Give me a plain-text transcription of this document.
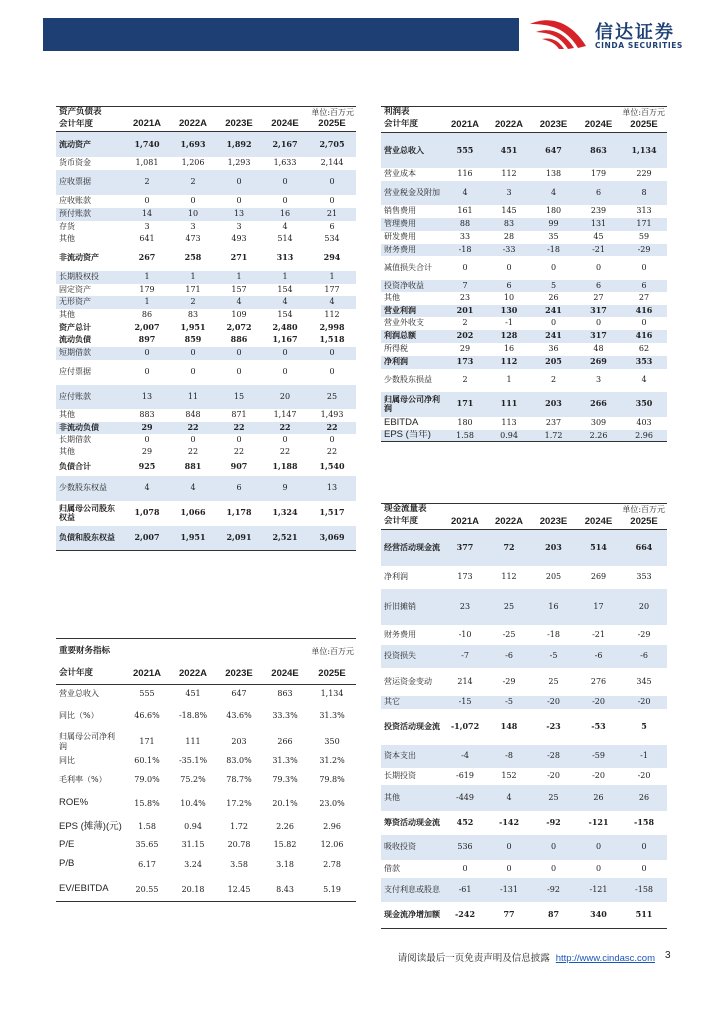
信达证券
CINDA SECURITIES
资产负债表		单位:百万元			
会计年度	2021A	2022A	2023E	2024E	2025E
流动资产	1,740	1,693	1,892	2,167	2,705
货币资金	1,081	1,206	1,293	1,633	2,144
应收票据	2	2	0	0	0
应收账款	0	0	0	0	0
预付账款	14	10	13	16	21
存货	3	3	3	4	6
其他	641	473	493	514	534
非流动资产	267	258	271	313	294
长期股权投	1	1	1	1	1
固定资产	179	171	157	154	177
无形资产	1	2	4	4	4
其他	86	83	109	154	112
资产总计	2,007	1,951	2,072	2,480	2,998
流动负债	897	859	886	1,167	1,518
短期借款	0	0	0	0	0
应付票据	0	0	0	0	0
应付账款	13	11	15	20	25
其他	883	848	871	1,147	1,493
非流动负债	29	22	22	22	22
长期借款	0	0	0	0	0
其他	29	22	22	22	22
负债合计	925	881	907	1,188	1,540
少数股东权益	4	4	6	9	13
归属母公司股东权益	1,078	1,066	1,178	1,324	1,517
负债和股东权益	2,007	1,951	2,091	2,521	3,069
重要财务指标					单位:百万元
会计年度	2021A	2022A	2023E	2024E	2025E
营业总收入	555	451	647	863	1,134
同比（%）	46.6%	-18.8%	43.6%	33.3%	31.3%
归属母公司净利润	171	111	203	266	350
同比	60.1%	-35.1%	83.0%	31.3%	31.2%
毛利率（%）	79.0%	75.2%	78.7%	79.3%	79.8%
ROE%	15.8%	10.4%	17.2%	20.1%	23.0%
EPS (摊薄)(元)	1.58	0.94	1.72	2.26	2.96
P/E	35.65	31.15	20.78	15.82	12.06
P/B	6.17	3.24	3.58	3.18	2.78
EV/EBITDA	20.55	20.18	12.45	8.43	5.19
利润表		单位:百万元			
会计年度	2021A	2022A	2023E	2024E	2025E
营业总收入	555	451	647	863	1,134
营业成本	116	112	138	179	229
营业税金及附加	4	3	4	6	8
销售费用	161	145	180	239	313
管理费用	88	83	99	131	171
研发费用	33	28	35	45	59
财务费用	-18	-33	-18	-21	-29
减值损失合计	0	0	0	0	0
投资净收益	7	6	5	6	6
其他	23	10	26	27	27
营业利润	201	130	241	317	416
营业外收支	2	-1	0	0	0
利润总额	202	128	241	317	416
所得税	29	16	36	48	62
净利润	173	112	205	269	353
少数股东损益	2	1	2	3	4
归属母公司净利润	171	111	203	266	350
EBITDA	180	113	237	309	403
EPS (当年)	1.58	0.94	1.72	2.26	2.96
现金流量表		单位:百万元			
会计年度	2021A	2022A	2023E	2024E	2025E
经营活动现金流	377	72	203	514	664
净利润	173	112	205	269	353
折旧摊销	23	25	16	17	20
财务费用	-10	-25	-18	-21	-29
投资损失	-7	-6	-5	-6	-6
营运资金变动	214	-29	25	276	345
其它	-15	-5	-20	-20	-20
投资活动现金流	-1,072	148	-23	-53	5
资本支出	-4	-8	-28	-59	-1
长期投资	-619	152	-20	-20	-20
其他	-449	4	25	26	26
筹资活动现金流	452	-142	-92	-121	-158
吸收投资	536	0	0	0	0
借款	0	0	0	0	0
支付利息或股息	-61	-131	-92	-121	-158
现金流净增加额	-242	77	87	340	511
请阅读最后一页免责声明及信息披露 http://www.cindasc.com 3
